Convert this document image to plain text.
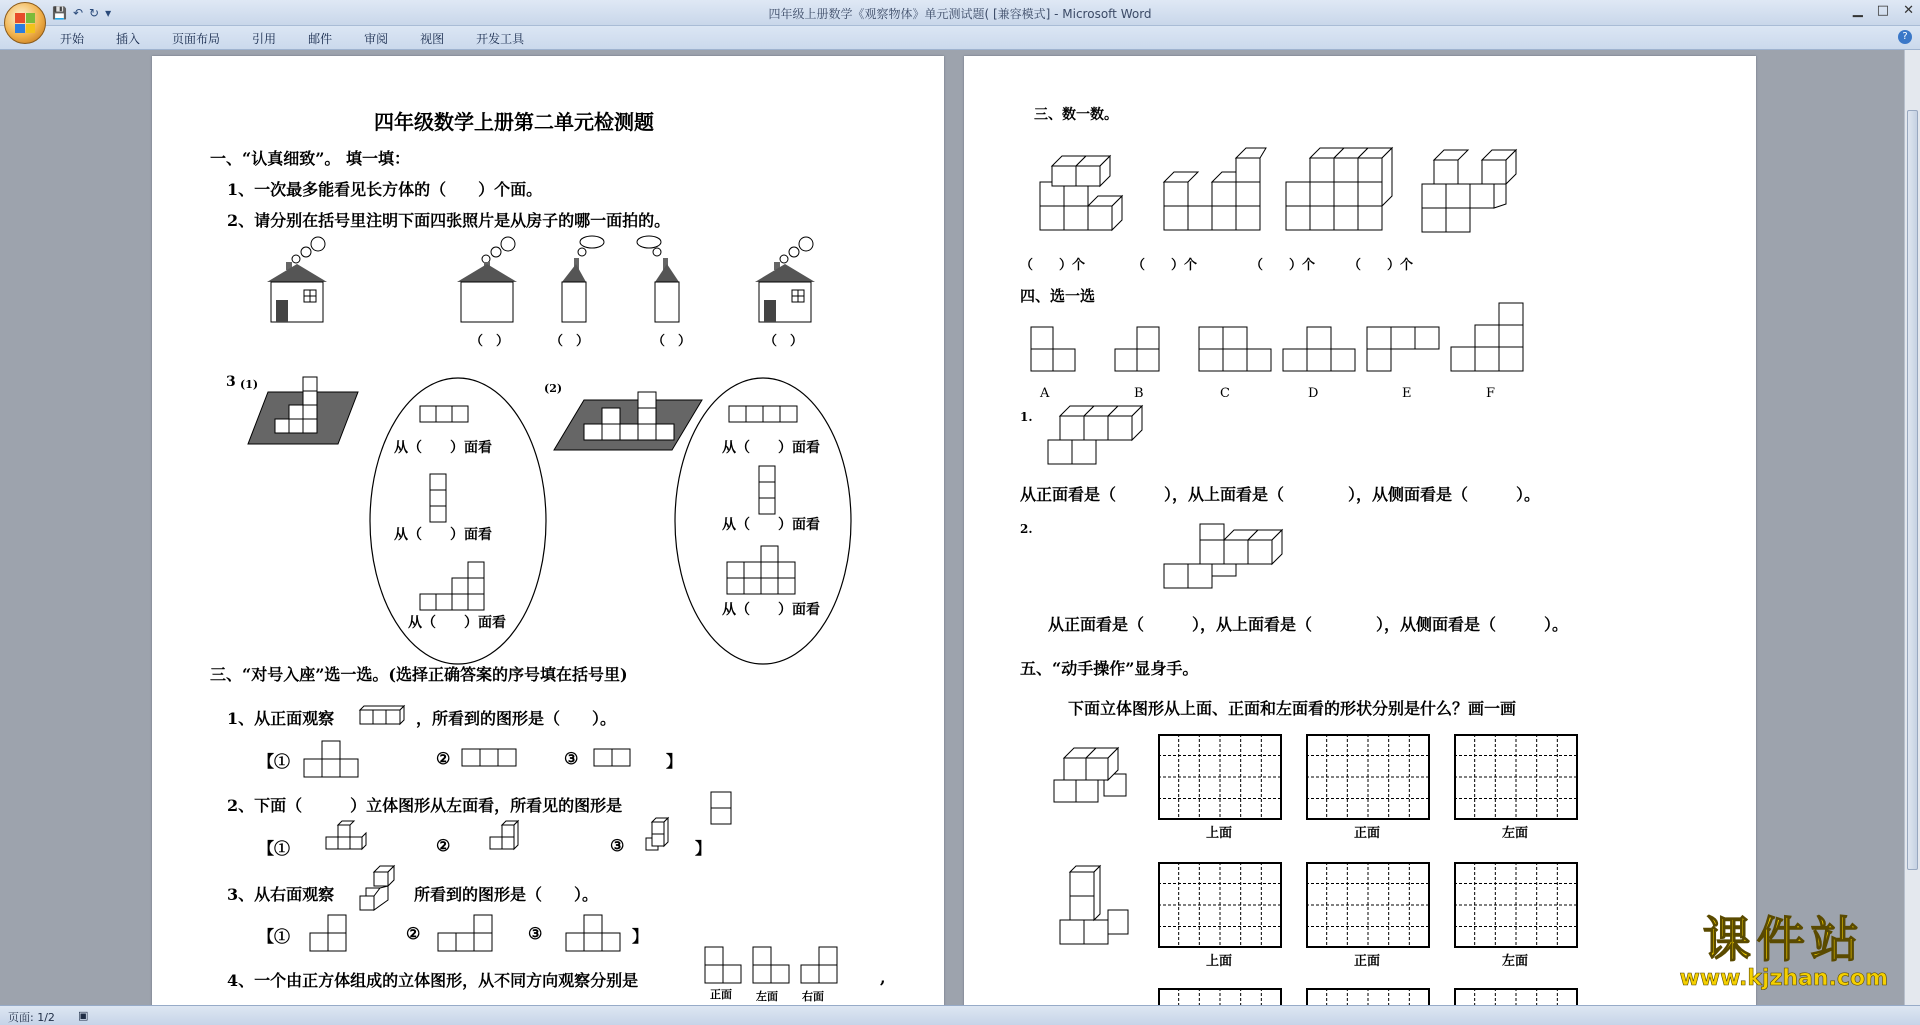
💾 ↶ ↻ ▾	四年级上册数学《观察物体》单元测试题( [兼容模式] - Microsoft Word	▁ □ ✕
开始	插入	页面布局	引用	邮件	审阅	视图	开发工具	?
四年级数学上册第二单元检测题
一、“认真细致”。 填一填：
1、一次最多能看见长方体的（　　）个面。
2、请分别在括号里注明下面四张照片是从房子的哪一面拍的。
（　）	（　）	（　）	（　）
3 (1)	(2)
从（　　）面看
从（　　）面看
从（　　）面看
从（　　）面看
从（　　）面看
从（　　）面看
三、“对号入座”选一选。(选择正确答案的序号填在括号里)
1、从正面观察	，所看到的图形是（　　）。
【①	②	③	】
2、下面（　　　）立体图形从左面看，所看见的图形是
【①	②	③	】
3、从右面观察	所看到的图形是（　　）。
【①	②	③	】
4、一个由正方体组成的立体图形，从不同方向观察分别是
正面 左面 右面
,
三、数一数。
（　　）个	（　　）个	（　　）个	（　　）个
四、选一选
A	B	C	D	E	F
1.
从正面看是（　　　），从上面看是（　　　　），从侧面看是（　　　）。
2.
从正面看是（　　　），从上面看是（　　　　），从侧面看是（　　　）。
五、“动手操作”显身手。
下面立体图形从上面、正面和左面看的形状分别是什么？画一画
上面	正面	左面
上面	正面	左面	课件站
www.kjzhan.com
页面: 1/2 ▣
